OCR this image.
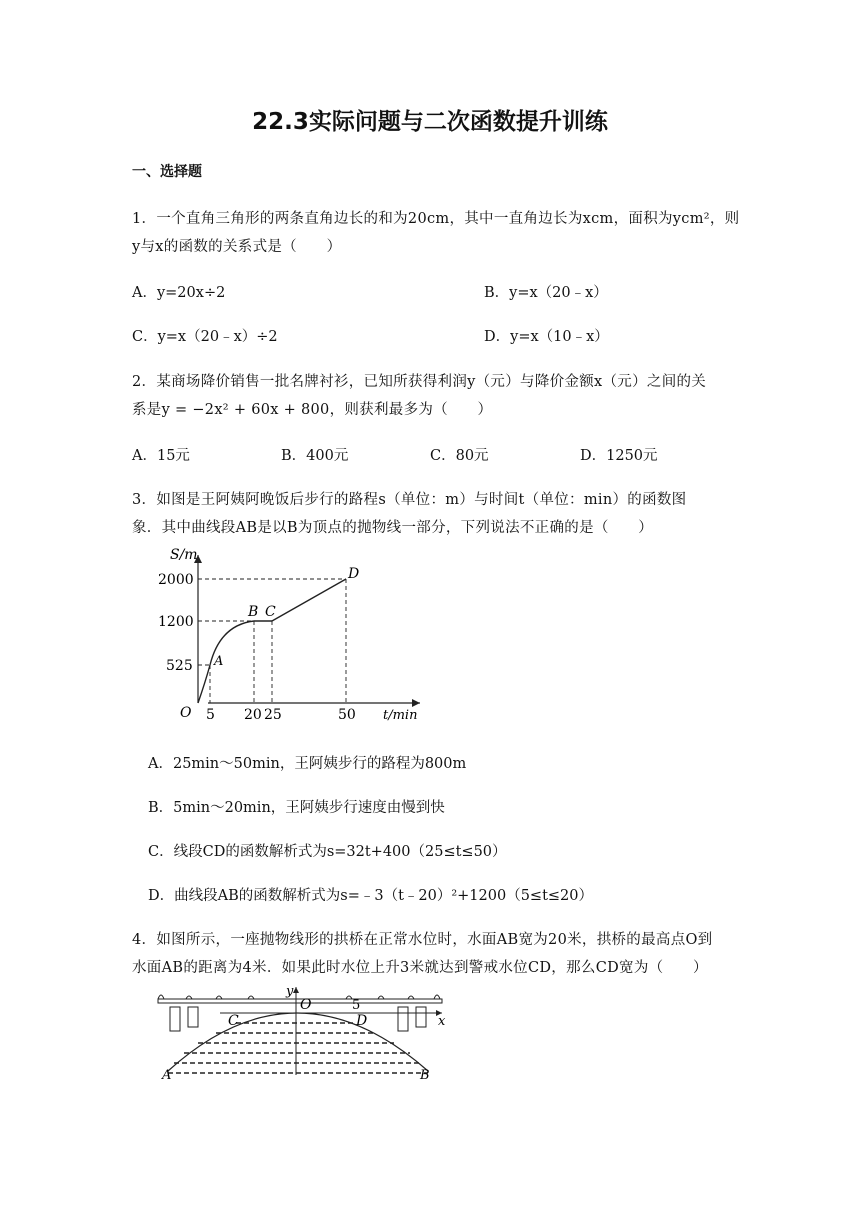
22.3实际问题与二次函数提升训练
一、选择题
1．一个直角三角形的两条直角边长的和为20cm，其中一直角边长为xcm，面积为ycm²，则
y与x的函数的关系式是（　　）
A．y=20x÷2	B．y=x（20﹣x）
C．y=x（20﹣x）÷2	D．y=x（10﹣x）
2．某商场降价销售一批名牌衬衫，已知所获得利润y（元）与降价金额x（元）之间的关
系是y = −2x² + 60x + 800，则获利最多为（　　）
A．15元	B．400元	C．80元	D．1250元
3．如图是王阿姨阿晚饭后步行的路程s（单位：m）与时间t（单位：min）的函数图
象．其中曲线段AB是以B为顶点的抛物线一部分，下列说法不正确的是（　　）
S/m
t/min
O
2000
1200
525
5 20 25	50
A
B C
D
A．25min～50min，王阿姨步行的路程为800m
B．5min～20min，王阿姨步行速度由慢到快
C．线段CD的函数解析式为s=32t+400（25≤t≤50）
D．曲线段AB的函数解析式为s=﹣3（t﹣20）²+1200（5≤t≤20）
4．如图所示，一座抛物线形的拱桥在正常水位时，水面AB宽为20米，拱桥的最高点O到
水面AB的距离为4米．如果此时水位上升3米就达到警戒水位CD，那么CD宽为（　　）
y
O	5
x
C	D
A	B
